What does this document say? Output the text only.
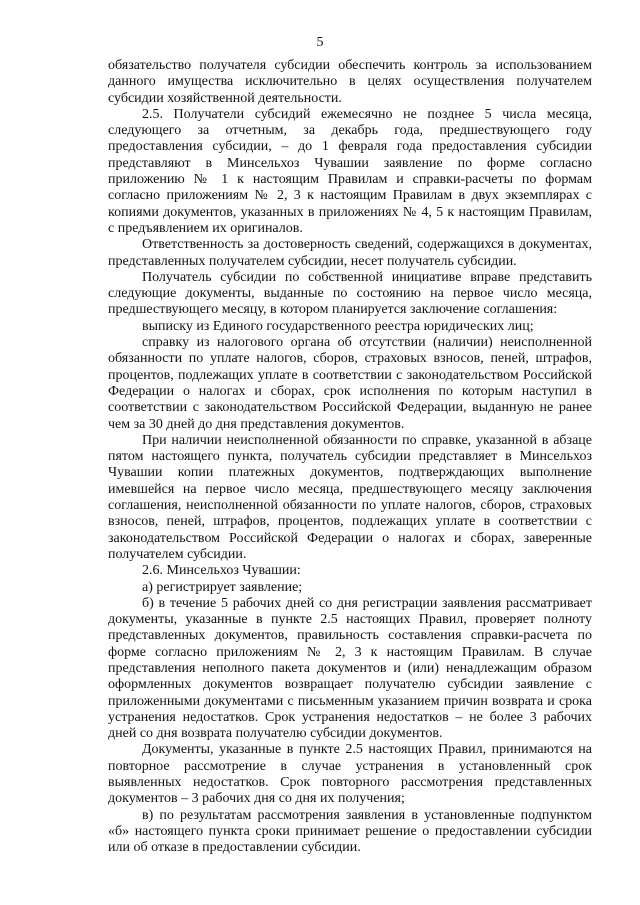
5

обязательство получателя субсидии обеспечить контроль за использованием данного имущества исключительно в целях осуществления получателем субсидии хозяйственной деятельности.

2.5. Получатели субсидий ежемесячно не позднее 5 числа месяца, следующего за отчетным, за декабрь года, предшествующего году предоставления субсидии, – до 1 февраля года предоставления субсидии представляют в Минсельхоз Чувашии заявление по форме согласно приложению № 1 к настоящим Правилам и справки-расчеты по формам согласно приложениям № 2, 3 к настоящим Правилам в двух экземплярах с копиями документов, указанных в приложениях № 4, 5 к настоящим Правилам, с предъявлением их оригиналов.

Ответственность за достоверность сведений, содержащихся в документах, представленных получателем субсидии, несет получатель субсидии.

Получатель субсидии по собственной инициативе вправе представить следующие документы, выданные по состоянию на первое число месяца, предшествующего месяцу, в котором планируется заключение соглашения:

выписку из Единого государственного реестра юридических лиц;

справку из налогового органа об отсутствии (наличии) неисполненной обязанности по уплате налогов, сборов, страховых взносов, пеней, штрафов, процентов, подлежащих уплате в соответствии с законодательством Российской Федерации о налогах и сборах, срок исполнения по которым наступил в соответствии с законодательством Российской Федерации, выданную не ранее чем за 30 дней до дня представления документов.

При наличии неисполненной обязанности по справке, указанной в абзаце пятом настоящего пункта, получатель субсидии представляет в Минсельхоз Чувашии копии платежных документов, подтверждающих выполнение имевшейся на первое число месяца, предшествующего месяцу заключения соглашения, неисполненной обязанности по уплате налогов, сборов, страховых взносов, пеней, штрафов, процентов, подлежащих уплате в соответствии с законодательством Российской Федерации о налогах и сборах, заверенные получателем субсидии.

2.6. Минсельхоз Чувашии:

а) регистрирует заявление;

б) в течение 5 рабочих дней со дня регистрации заявления рассматривает документы, указанные в пункте 2.5 настоящих Правил, проверяет полноту представленных документов, правильность составления справки-расчета по форме согласно приложениям № 2, 3 к настоящим Правилам. В случае представления неполного пакета документов и (или) ненадлежащим образом оформленных документов возвращает получателю субсидии заявление с приложенными документами с письменным указанием причин возврата и срока устранения недостатков. Срок устранения недостатков – не более 3 рабочих дней со дня возврата получателю субсидии документов.

Документы, указанные в пункте 2.5 настоящих Правил, принимаются на повторное рассмотрение в случае устранения в установленный срок выявленных недостатков. Срок повторного рассмотрения представленных документов – 3 рабочих дня со дня их получения;

в) по результатам рассмотрения заявления в установленные подпунктом «б» настоящего пункта сроки принимает решение о предоставлении субсидии или об отказе в предоставлении субсидии.
